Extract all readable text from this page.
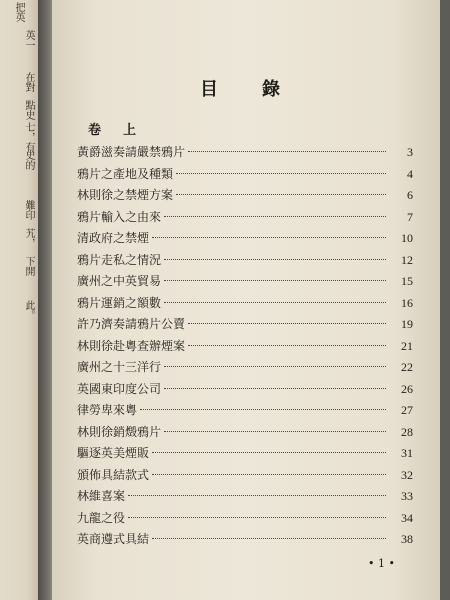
把英
英一
在對
點史
七，有
史的
難印
艽，
下開
此。
目 錄
卷 上
黃爵滋奏請嚴禁鴉片	3
鴉片之產地及種類	4
林則徐之禁煙方案	6
鴉片輸入之由來	7
清政府之禁煙	10
鴉片走私之情況	12
廣州之中英貿易	15
鴉片運銷之額數	16
許乃濟奏請鴉片公賣	19
林則徐赴粵查辦煙案	21
廣州之十三洋行	22
英國東印度公司	26
律勞卑來粵	27
林則徐銷燬鴉片	28
驅逐英美煙販	31
頒佈具結款式	32
林維喜案	33
九龍之役	34
英商遵式具結	38
• 1 •
